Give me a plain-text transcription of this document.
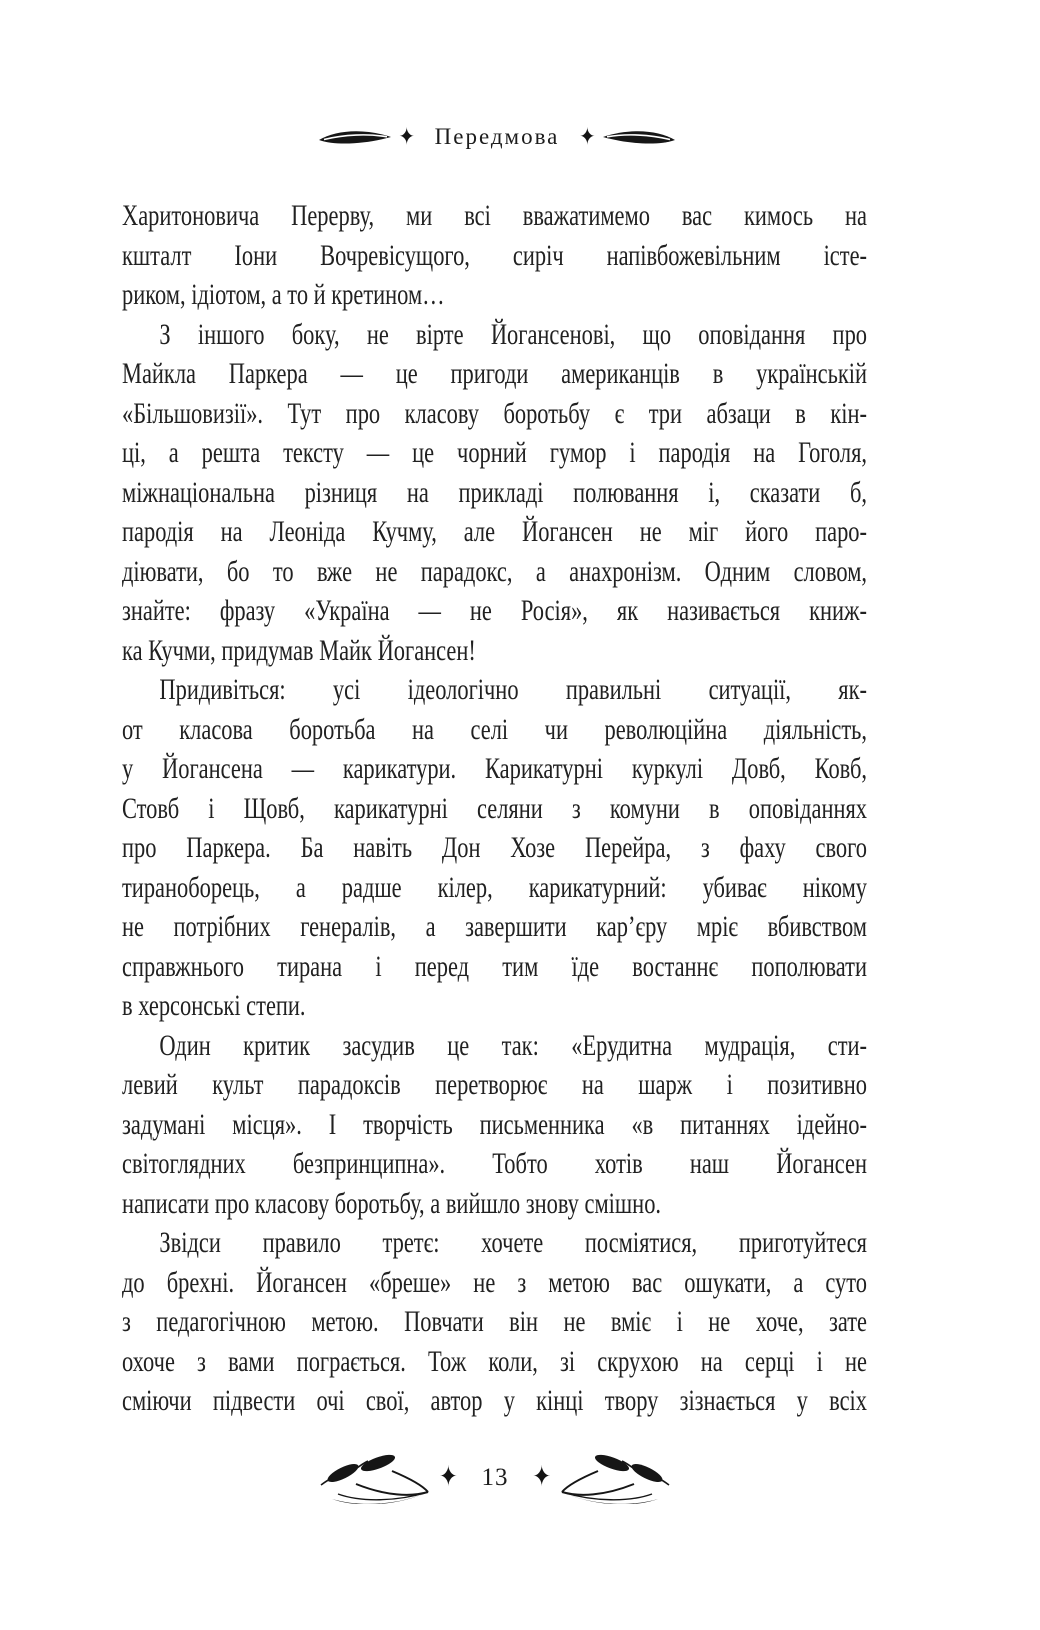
✦ Передмова ✦

Харитоновича Перерву, ми всі вважатимемо вас кимось на
кшталт Іони Вочревісущого, сиріч напівбожевільним істе-
риком, ідіотом, а то й кретином…

З іншого боку, не вірте Йогансенові, що оповідання про
Майкла Паркера — це пригоди американців в українській
«Більшовизії». Тут про класову боротьбу є три абзаци в кін-
ці, а решта тексту — це чорний гумор і пародія на Гоголя,
міжнаціональна різниця на прикладі полювання і, сказати б,
пародія на Леоніда Кучму, але Йогансен не міг його паро-
діювати, бо то вже не парадокс, а анахронізм. Одним словом,
знайте: фразу «Україна — не Росія», як називається книж-
ка Кучми, придумав Майк Йогансен!

Придивіться: усі ідеологічно правильні ситуації, як-
от класова боротьба на селі чи революційна діяльність,
у Йогансена — карикатури. Карикатурні куркулі Довб, Ковб,
Стовб і Щовб, карикатурні селяни з комуни в оповіданнях
про Паркера. Ба навіть Дон Хозе Перейра, з фаху свого
тираноборець, а радше кілер, карикатурний: убиває нікому
не потрібних генералів, а завершити кар’єру мріє вбивством
справжнього тирана і перед тим їде востаннє пополювати
в херсонські степи.

Один критик засудив це так: «Ерудитна мудрація, сти-
левий культ парадоксів перетворює на шарж і позитивно
задумані місця». І творчість письменника «в питаннях ідейно-
світоглядних безпринципна». Тобто хотів наш Йогансен
написати про класову боротьбу, а вийшло знову смішно.

Звідси правило третє: хочете посміятися, приготуйтеся
до брехні. Йогансен «бреше» не з метою вас ошукати, а суто
з педагогічною метою. Повчати він не вміє і не хоче, зате
охоче з вами пограється. Тож коли, зі скрухою на серці і не
сміючи підвести очі свої, автор у кінці твору зізнається у всіх

✦ 13 ✦
